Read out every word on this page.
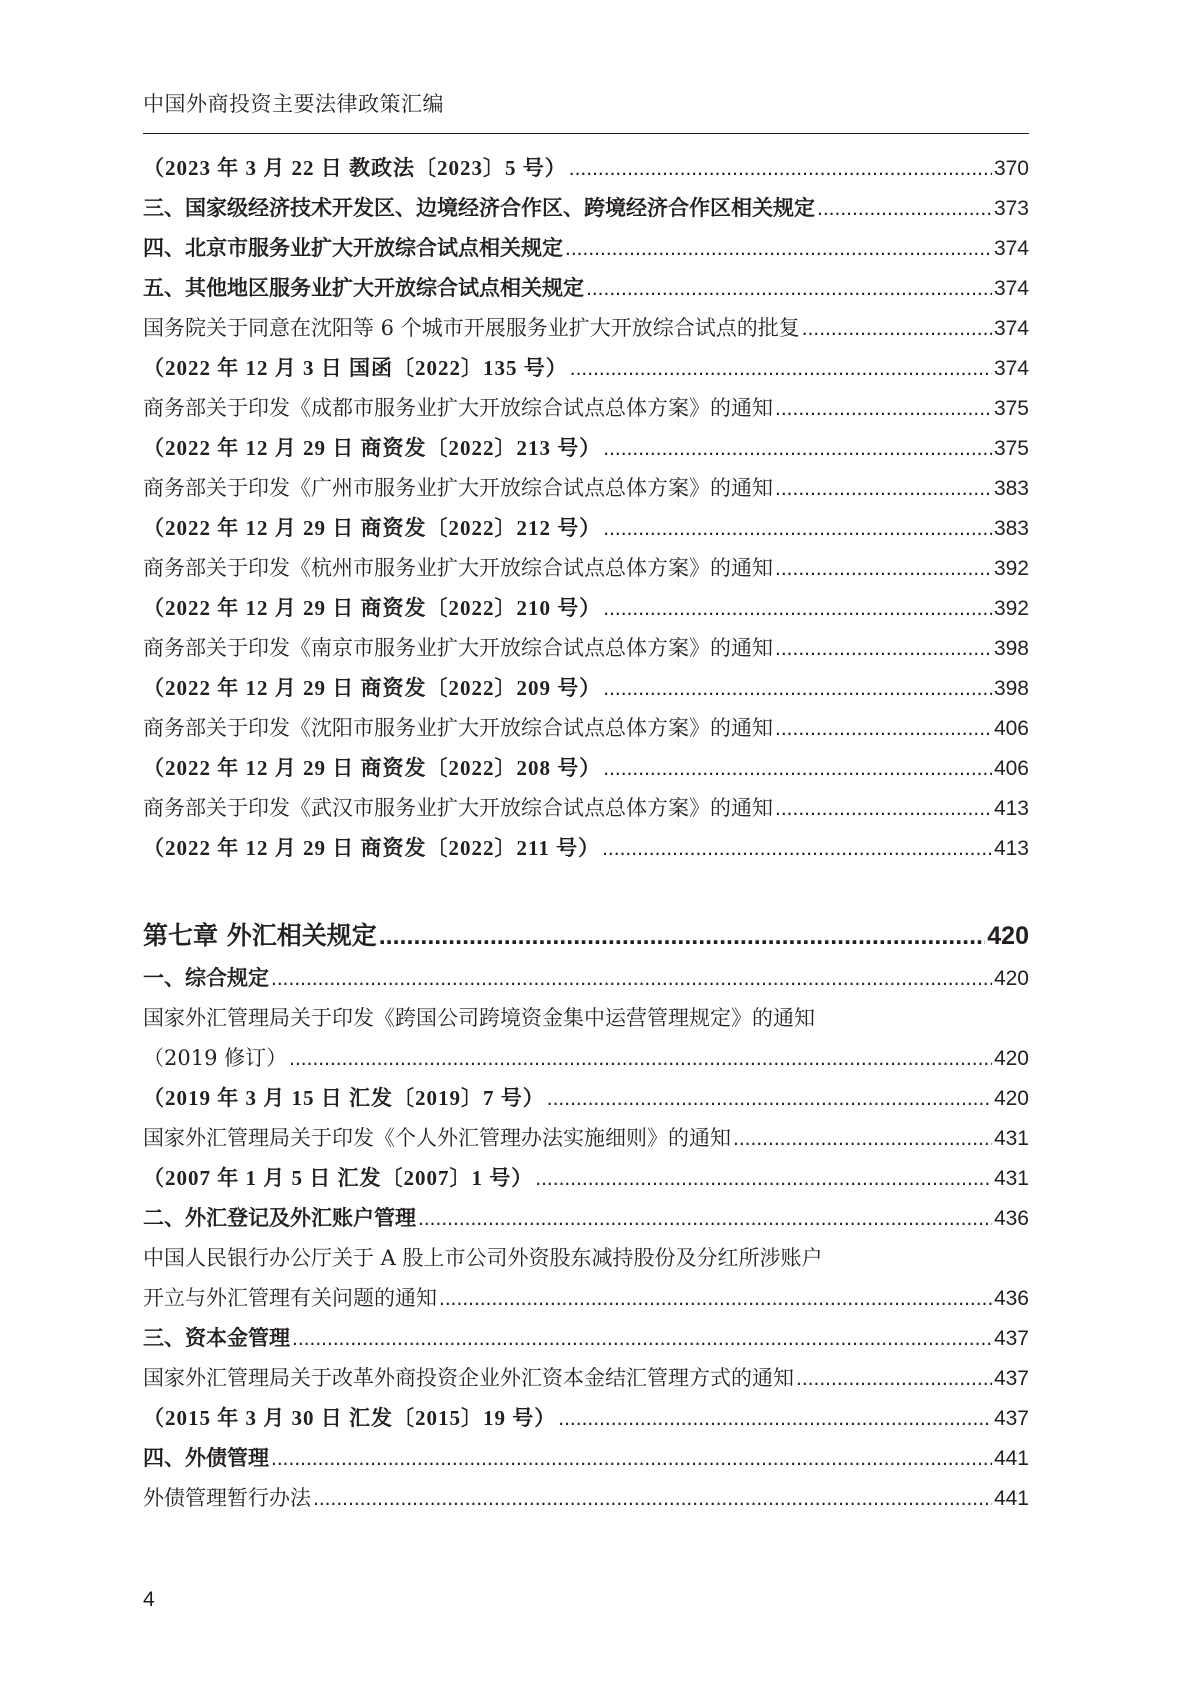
中国外商投资主要法律政策汇编
（2023 年 3 月 22 日 教政法〔2023〕5 号） .....	370
三、国家级经济技术开发区、边境经济合作区、跨境经济合作区相关规定 .....	373
四、北京市服务业扩大开放综合试点相关规定 .....	374
五、其他地区服务业扩大开放综合试点相关规定 .....	374
国务院关于同意在沈阳等 6 个城市开展服务业扩大开放综合试点的批复 .....	374
（2022 年 12 月 3 日 国函〔2022〕135 号） .....	374
商务部关于印发《成都市服务业扩大开放综合试点总体方案》的通知 .....	375
（2022 年 12 月 29 日 商资发〔2022〕213 号） .....	375
商务部关于印发《广州市服务业扩大开放综合试点总体方案》的通知 .....	383
（2022 年 12 月 29 日 商资发〔2022〕212 号） .....	383
商务部关于印发《杭州市服务业扩大开放综合试点总体方案》的通知 .....	392
（2022 年 12 月 29 日 商资发〔2022〕210 号） .....	392
商务部关于印发《南京市服务业扩大开放综合试点总体方案》的通知 .....	398
（2022 年 12 月 29 日 商资发〔2022〕209 号） .....	398
商务部关于印发《沈阳市服务业扩大开放综合试点总体方案》的通知 .....	406
（2022 年 12 月 29 日 商资发〔2022〕208 号） .....	406
商务部关于印发《武汉市服务业扩大开放综合试点总体方案》的通知 .....	413
（2022 年 12 月 29 日 商资发〔2022〕211 号） .....	413
第七章 外汇相关规定 .....	420
一、综合规定 .....	420
国家外汇管理局关于印发《跨国公司跨境资金集中运营管理规定》的通知
（2019 修订） .....	420
（2019 年 3 月 15 日 汇发〔2019〕7 号） .....	420
国家外汇管理局关于印发《个人外汇管理办法实施细则》的通知 .....	431
（2007 年 1 月 5 日 汇发〔2007〕1 号） .....	431
二、外汇登记及外汇账户管理 .....	436
中国人民银行办公厅关于 A 股上市公司外资股东减持股份及分红所涉账户
开立与外汇管理有关问题的通知 .....	436
三、资本金管理 .....	437
国家外汇管理局关于改革外商投资企业外汇资本金结汇管理方式的通知 .....	437
（2015 年 3 月 30 日 汇发〔2015〕19 号） .....	437
四、外债管理 .....	441
外债管理暂行办法 .....	441
4
